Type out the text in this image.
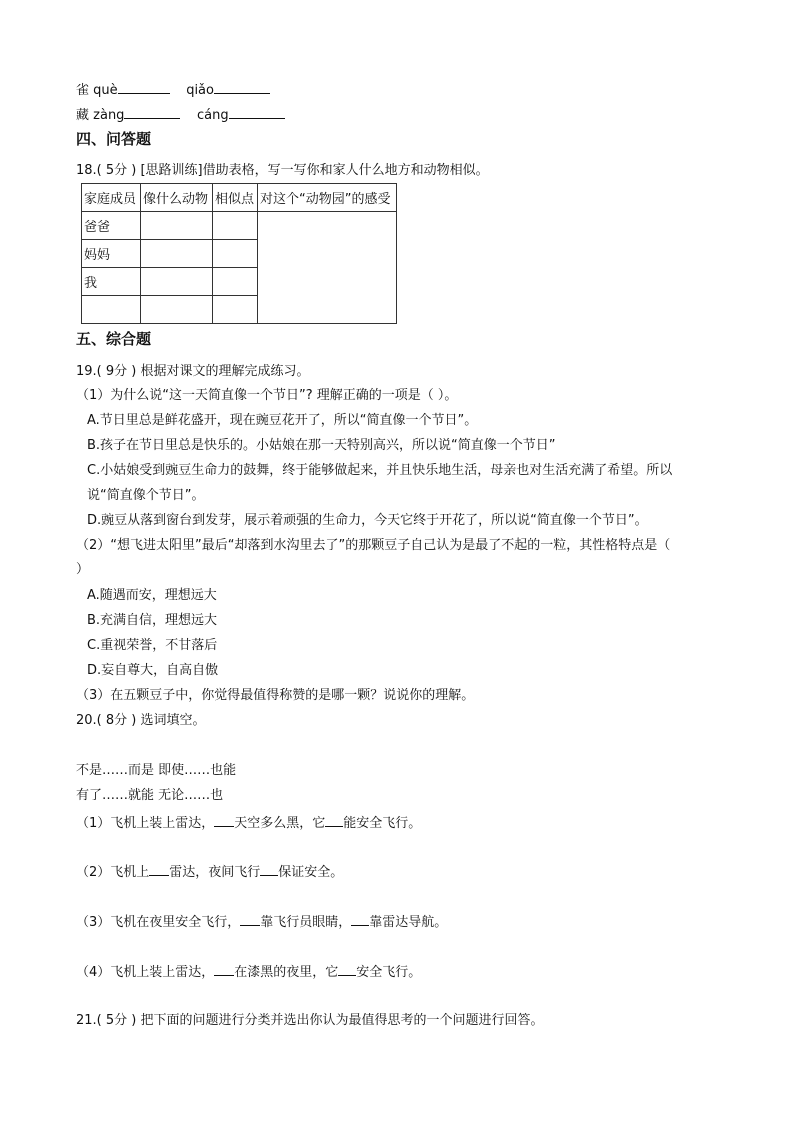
雀 què	qiǎo
藏 zàng	cáng
四、问答题
18.( 5分 ) [思路训练]借助表格，写一写你和家人什么地方和动物相似。
家庭成员	像什么动物	相似点	对这个“动物园”的感受
爸爸			
妈妈			
我			

五、综合题
19.( 9分 ) 根据对课文的理解完成练习。
（1）为什么说“这一天简直像一个节日”? 理解正确的一项是（ ）。
A.节日里总是鲜花盛开，现在豌豆花开了，所以“简直像一个节日”。
B.孩子在节日里总是快乐的。小姑娘在那一天特别高兴，所以说“简直像一个节日”
C.小姑娘受到豌豆生命力的鼓舞，终于能够做起来，并且快乐地生活，母亲也对生活充满了希望。所以
说“简直像个节日”。
D.豌豆从落到窗台到发芽，展示着顽强的生命力，今天它终于开花了，所以说“简直像一个节日”。
（2）“想飞进太阳里”最后“却落到水沟里去了”的那颗豆子自己认为是最了不起的一粒，其性格特点是（
）
A.随遇而安，理想远大
B.充满自信，理想远大
C.重视荣誉，不甘落后
D.妄自尊大，自高自傲
（3）在五颗豆子中，你觉得最值得称赞的是哪一颗？说说你的理解。
20.( 8分 ) 选词填空。
不是……而是 即使……也能
有了……就能 无论……也
（1）飞机上装上雷达， 天空多么黑，它 能安全飞行。
（2）飞机上 雷达，夜间飞行 保证安全。
（3）飞机在夜里安全飞行， 靠飞行员眼睛， 靠雷达导航。
（4）飞机上装上雷达， 在漆黑的夜里，它 安全飞行。
21.( 5分 ) 把下面的问题进行分类并选出你认为最值得思考的一个问题进行回答。
